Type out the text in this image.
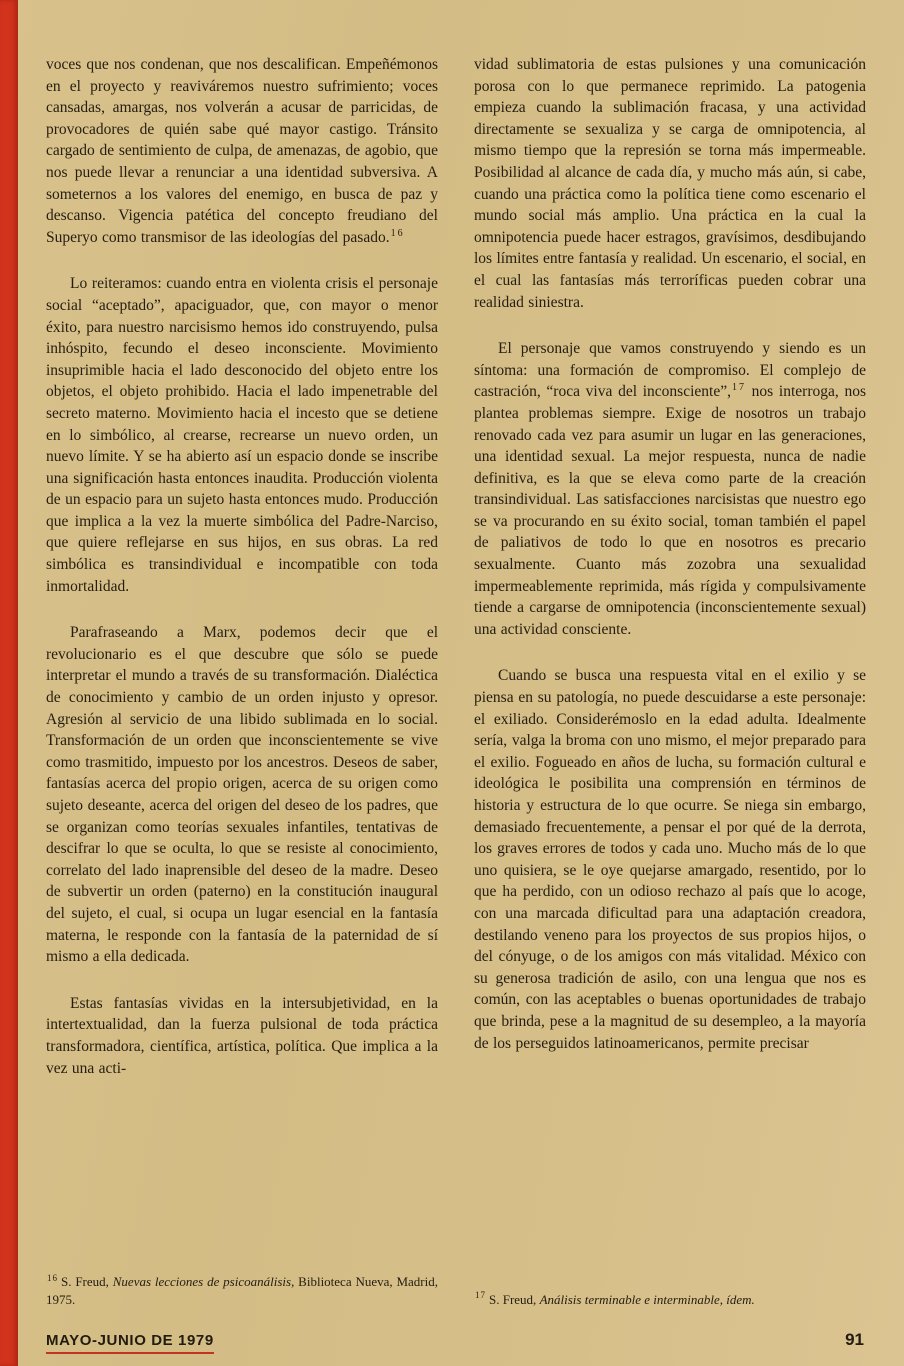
voces que nos condenan, que nos descalifican. Empeñémonos en el proyecto y reaviváremos nuestro sufrimiento; voces cansadas, amargas, nos volverán a acusar de parricidas, de provocadores de quién sabe qué mayor castigo. Tránsito cargado de sentimiento de culpa, de amenazas, de agobio, que nos puede llevar a renunciar a una identidad subversiva. A someternos a los valores del enemigo, en busca de paz y descanso. Vigencia patética del concepto freudiano del Superyo como transmisor de las ideologías del pasado.$^{16}$

Lo reiteramos: cuando entra en violenta crisis el personaje social “aceptado”, apaciguador, que, con mayor o menor éxito, para nuestro narcisismo hemos ido construyendo, pulsa inhóspito, fecundo el deseo inconsciente. Movimiento insuprimible hacia el lado desconocido del objeto entre los objetos, el objeto prohibido. Hacia el lado impenetrable del secreto materno. Movimiento hacia el incesto que se detiene en lo simbólico, al crearse, recrearse un nuevo orden, un nuevo límite. Y se ha abierto así un espacio donde se inscribe una significación hasta entonces inaudita. Producción violenta de un espacio para un sujeto hasta entonces mudo. Producción que implica a la vez la muerte simbólica del Padre-Narciso, que quiere reflejarse en sus hijos, en sus obras. La red simbólica es transindividual e incompatible con toda inmortalidad.

Parafraseando a Marx, podemos decir que el revolucionario es el que descubre que sólo se puede interpretar el mundo a través de su transformación. Dialéctica de conocimiento y cambio de un orden injusto y opresor. Agresión al servicio de una libido sublimada en lo social. Transformación de un orden que inconscientemente se vive como trasmitido, impuesto por los ancestros. Deseos de saber, fantasías acerca del propio origen, acerca de su origen como sujeto deseante, acerca del origen del deseo de los padres, que se organizan como teorías sexuales infantiles, tentativas de descifrar lo que se oculta, lo que se resiste al conocimiento, correlato del lado inaprensible del deseo de la madre. Deseo de subvertir un orden (paterno) en la constitución inaugural del sujeto, el cual, si ocupa un lugar esencial en la fantasía materna, le responde con la fantasía de la paternidad de sí mismo a ella dedicada.

Estas fantasías vividas en la intersubjetividad, en la intertextualidad, dan la fuerza pulsional de toda práctica transformadora, científica, artística, política. Que implica a la vez una acti-

$^{16}$ S. Freud, Nuevas lecciones de psicoanálisis, Biblioteca Nueva, Madrid, 1975.

vidad sublimatoria de estas pulsiones y una comunicación porosa con lo que permanece reprimido. La patogenia empieza cuando la sublimación fracasa, y una actividad directamente se sexualiza y se carga de omnipotencia, al mismo tiempo que la represión se torna más impermeable. Posibilidad al alcance de cada día, y mucho más aún, si cabe, cuando una práctica como la política tiene como escenario el mundo social más amplio. Una práctica en la cual la omnipotencia puede hacer estragos, gravísimos, desdibujando los límites entre fantasía y realidad. Un escenario, el social, en el cual las fantasías más terroríficas pueden cobrar una realidad siniestra.

El personaje que vamos construyendo y siendo es un síntoma: una formación de compromiso. El complejo de castración, “roca viva del inconsciente”,$^{17}$ nos interroga, nos plantea problemas siempre. Exige de nosotros un trabajo renovado cada vez para asumir un lugar en las generaciones, una identidad sexual. La mejor respuesta, nunca de nadie definitiva, es la que se eleva como parte de la creación transindividual. Las satisfacciones narcisistas que nuestro ego se va procurando en su éxito social, toman también el papel de paliativos de todo lo que en nosotros es precario sexualmente. Cuanto más zozobra una sexualidad impermeablemente reprimida, más rígida y compulsivamente tiende a cargarse de omnipotencia (inconscientemente sexual) una actividad consciente.

Cuando se busca una respuesta vital en el exilio y se piensa en su patología, no puede descuidarse a este personaje: el exiliado. Considerémoslo en la edad adulta. Idealmente sería, valga la broma con uno mismo, el mejor preparado para el exilio. Fogueado en años de lucha, su formación cultural e ideológica le posibilita una comprensión en términos de historia y estructura de lo que ocurre. Se niega sin embargo, demasiado frecuentemente, a pensar el por qué de la derrota, los graves errores de todos y cada uno. Mucho más de lo que uno quisiera, se le oye quejarse amargado, resentido, por lo que ha perdido, con un odioso rechazo al país que lo acoge, con una marcada dificultad para una adaptación creadora, destilando veneno para los proyectos de sus propios hijos, o del cónyuge, o de los amigos con más vitalidad. México con su generosa tradición de asilo, con una lengua que nos es común, con las aceptables o buenas oportunidades de trabajo que brinda, pese a la magnitud de su desempleo, a la mayoría de los perseguidos latinoamericanos, permite precisar

$^{17}$ S. Freud, Análisis terminable e interminable, ídem.
MAYO-JUNIO DE 1979	91
